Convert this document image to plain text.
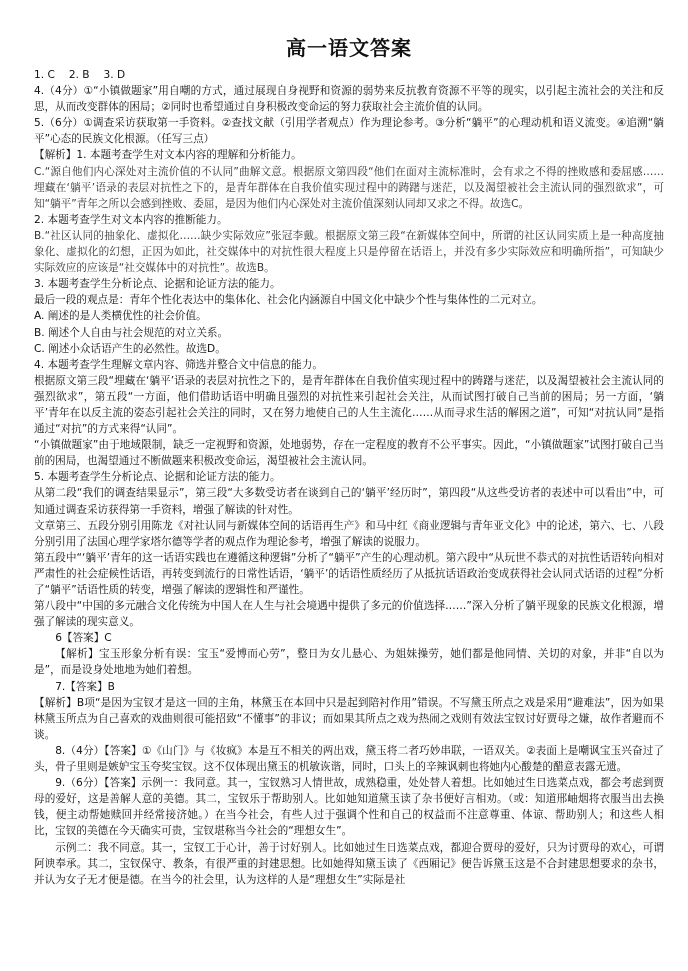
高一语文答案

1. C　 2. B　 3. D

4.（4分）①“小镇做题家”用自嘲的方式，通过展现自身视野和资源的弱势来反抗教育资源不平等的现实，以引起主流社会的关注和反思，从而改变群体的困局；②同时也希望通过自身积极改变命运的努力获取社会主流价值的认同。

5.（6分）①调查采访获取第一手资料。②查找文献（引用学者观点）作为理论参考。③分析“躺平”的心理动机和语义流变。④追溯“躺平”心态的民族文化根源。（任写三点）

【解析】1. 本题考查学生对文本内容的理解和分析能力。

C.“源自他们内心深处对主流价值的不认同”曲解文意。根据原文第四段“他们在面对主流标准时，会有求之不得的挫败感和委屈感……埋藏在‘躺平’语录的表层对抗性之下的，是青年群体在自我价值实现过程中的踌躇与迷茫，以及渴望被社会主流认同的强烈欲求”，可知“躺平”青年之所以会感到挫败、委屈，是因为他们内心深处对主流价值深刻认同却又求之不得。故选C。

2. 本题考查学生对文本内容的推断能力。

B.“社区认同的抽象化、虚拟化……缺少实际效应”张冠李戴。根据原文第三段“在新媒体空间中，所谓的社区认同实质上是一种高度抽象化、虚拟化的幻想，正因为如此，社交媒体中的对抗性很大程度上只是停留在话语上，并没有多少实际效应和明确所指”，可知缺少实际效应的应该是“社交媒体中的对抗性”。故选B。

3. 本题考查学生分析论点、论据和论证方法的能力。

最后一段的观点是：青年个性化表达中的集体化、社会化内涵源自中国文化中缺少个性与集体性的二元对立。

A. 阐述的是人类横优性的社会价值。

B. 阐述个人自由与社会规范的对立关系。

C. 阐述小众话语产生的必然性。故选D。

4. 本题考查学生理解文章内容、筛选并整合文中信息的能力。

根据原文第三段“埋藏在‘躺平’语录的表层对抗性之下的，是青年群体在自我价值实现过程中的踌躇与迷茫，以及渴望被社会主流认同的强烈欲求”，第五段“一方面，他们借助话语中明确且强烈的对抗性来引起社会关注，从而试图打破自己当前的困局；另一方面，‘躺平’青年在以反主流的姿态引起社会关注的同时，又在努力地使自己的人生主流化……从而寻求生活的解困之道”，可知“对抗认同”是指通过“对抗”的方式来得“认同”。

“小镇做题家”由于地域限制，缺乏一定视野和资源，处地弱势，存在一定程度的教育不公平事实。因此，“小镇做题家”试图打破自己当前的困局，也渴望通过不断做题来积极改变命运，渴望被社会主流认同。

5. 本题考查学生分析论点、论据和论证方法的能力。

从第二段“我们的调查结果显示”，第三段“大多数受访者在谈到自己的‘躺平’经历时”，第四段“从这些受访者的表述中可以看出”中，可知通过调查采访获得第一手资料，增强了解读的针对性。

文章第三、五段分别引用陈龙《对社认同与新媒体空间的话语再生产》和马中红《商业逻辑与青年亚文化》中的论述，第六、七、八段分别引用了法国心理学家塔尔德等学者的观点作为理论参考，增强了解读的说服力。

第五段中“‘躺平’青年的这一话语实践也在遵循这种逻辑”分析了“躺平”产生的心理动机。第六段中“从玩世不恭式的对抗性话语转向相对严肃性的社会症候性话语，再转变到流行的日常性话语，‘躺平’的话语性质经历了从抵抗话语政治变成获得社会认同式话语的过程”分析了“躺平”话语性质的转变，增强了解读的逻辑性和严谨性。

第八段中“中国的多元融合文化传统为中国人在人生与社会境遇中提供了多元的价值选择……”深入分析了躺平现象的民族文化根源，增强了解读的现实意义。

6【答案】C

【解析】宝玉形象分析有误：宝玉“爱博而心劳”，整日为女儿悬心、为姐妹操劳，她们都是他同情、关切的对象，并非“自以为是”，而是设身处地地为她们着想。

7.【答案】B

【解析】B项“是因为宝钗才是这一回的主角，林黛玉在本回中只是起到陪衬作用”错误。不写黛玉所点之戏是采用“避难法”，因为如果林黛玉所点为自己喜欢的戏曲则很可能招致“不懂事”的非议；而如果其所点之戏为热闹之戏则有效法宝钗讨好贾母之嫌，故作者避而不谈。

8.（4分）【答案】①《山门》与《妆疯》本是互不相关的两出戏，黛玉将二者巧妙串联，一语双关。②表面上是嘲讽宝玉兴奋过了头，骨子里则是嫉妒宝玉夸奖宝钗。这不仅体现出黛玉的机敏诙谐，同时，口头上的辛辣讽刺也将她内心酸楚的醋意表露无遗。

9.（6分）【答案】示例一：我同意。其一，宝钗熟习人情世故，成熟稳重，处处替人着想。比如她过生日选菜点戏，都会考虑到贾母的爱好，这是善解人意的美德。其二，宝钗乐于帮助别人。比如她知道黛玉读了杂书便好言相劝。（或：知道邢岫烟将衣服当出去换钱，便主动帮她赎回并经常接济她。）在当今社会，有些人过于强调个性和自己的权益而不注意尊重、体谅、帮助别人；和这些人相比，宝钗的美德在今天确实可贵，宝钗堪称当今社会的“理想女生”。

示例二：我不同意。其一，宝钗工于心计，善于讨好别人。比如她过生日选菜点戏，都迎合贾母的爱好，只为讨贾母的欢心，可谓阿谀奉承。其二，宝钗保守、教条，有很严重的封建思想。比如她得知黛玉读了《西厢记》便告诉黛玉这是不合封建思想要求的杂书，并认为女子无才便是德。在当今的社会里，认为这样的人是“理想女生”实际是社
